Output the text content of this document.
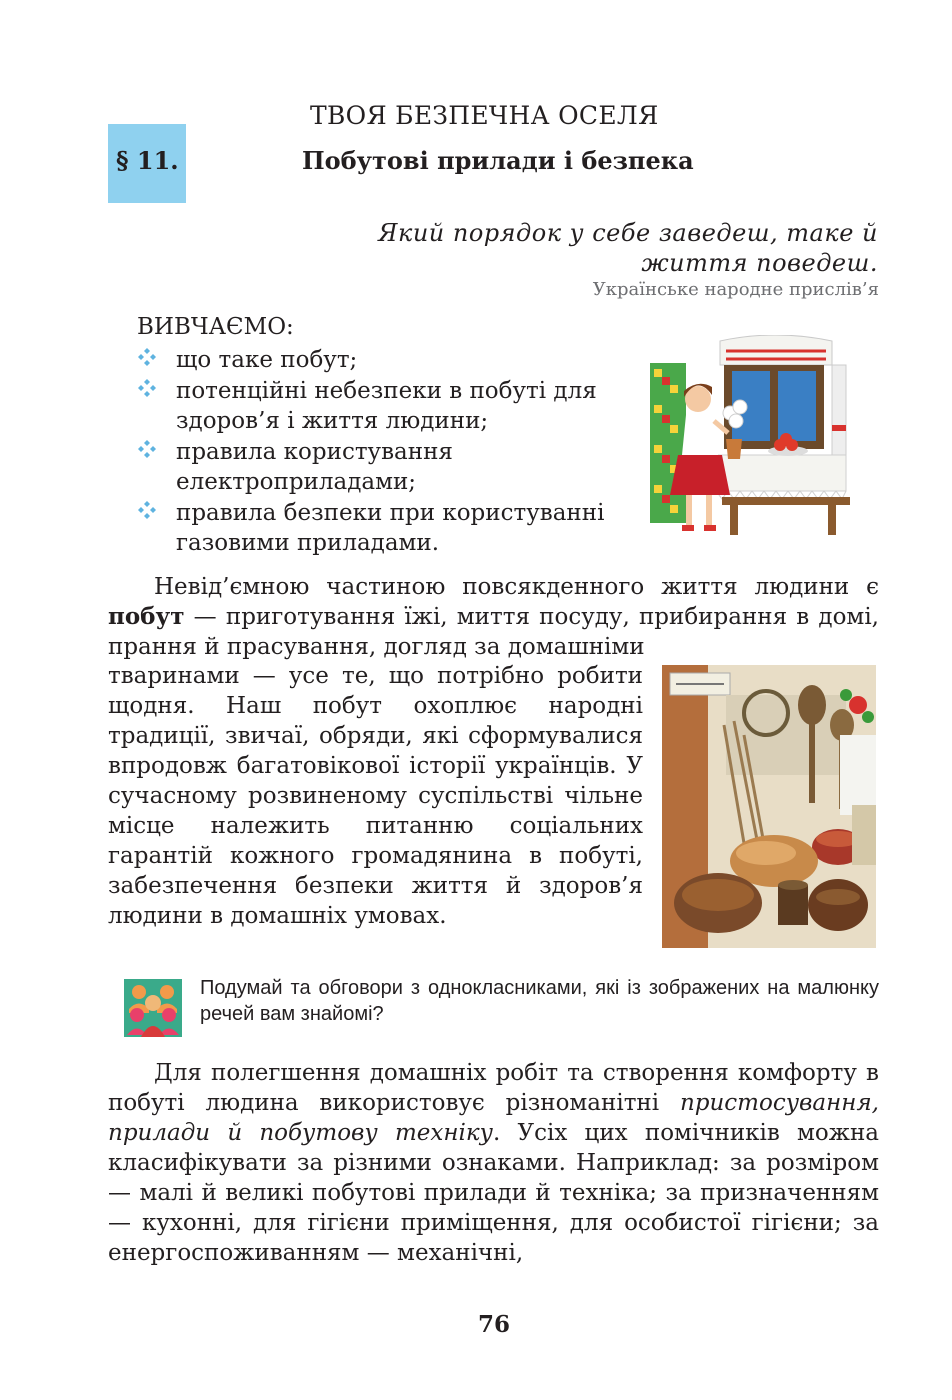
ТВОЯ БЕЗПЕЧНА ОСЕЛЯ
§ 11.	Побутові прилади і безпека
Який порядок у себе заведеш, таке й
життя поведеш.
Українське народне прислів’я
ВИВЧАЄМО:
що таке побут;
потенційні небезпеки в побуті для здоров’я і життя людини;
правила користування електроприладами;
правила безпеки при користуванні газовими приладами.

Невід’ємною частиною повсякденного життя людини є побут — приготування їжі, миття посуду, прибирання в домі, прання й прасування, догляд за домашніми

тваринами — усе те, що потрібно робити щодня. Наш побут охоплює народні традиції, звичаї, обряди, які сформувалися впродовж багатовікової історії українців. У сучасному розвиненому суспільстві чільне місце належить питанню соціальних гарантій кожного громадянина в побуті, забезпечення безпеки життя й здоров’я людини в домашніх умовах.

Подумай та обговори з однокласниками, які із зображених на малюнку речей вам знайомі?

Для полегшення домашніх робіт та створення комфорту в побуті людина використовує різноманітні пристосування, прилади й побутову техніку. Усіх цих помічників можна класифікувати за різними ознаками. Наприклад: за розміром — малі й великі побутові прилади й техніка; за призначенням — кухонні, для гігієни приміщення, для особистої гігієни; за енергоспоживанням — механічні,

76
